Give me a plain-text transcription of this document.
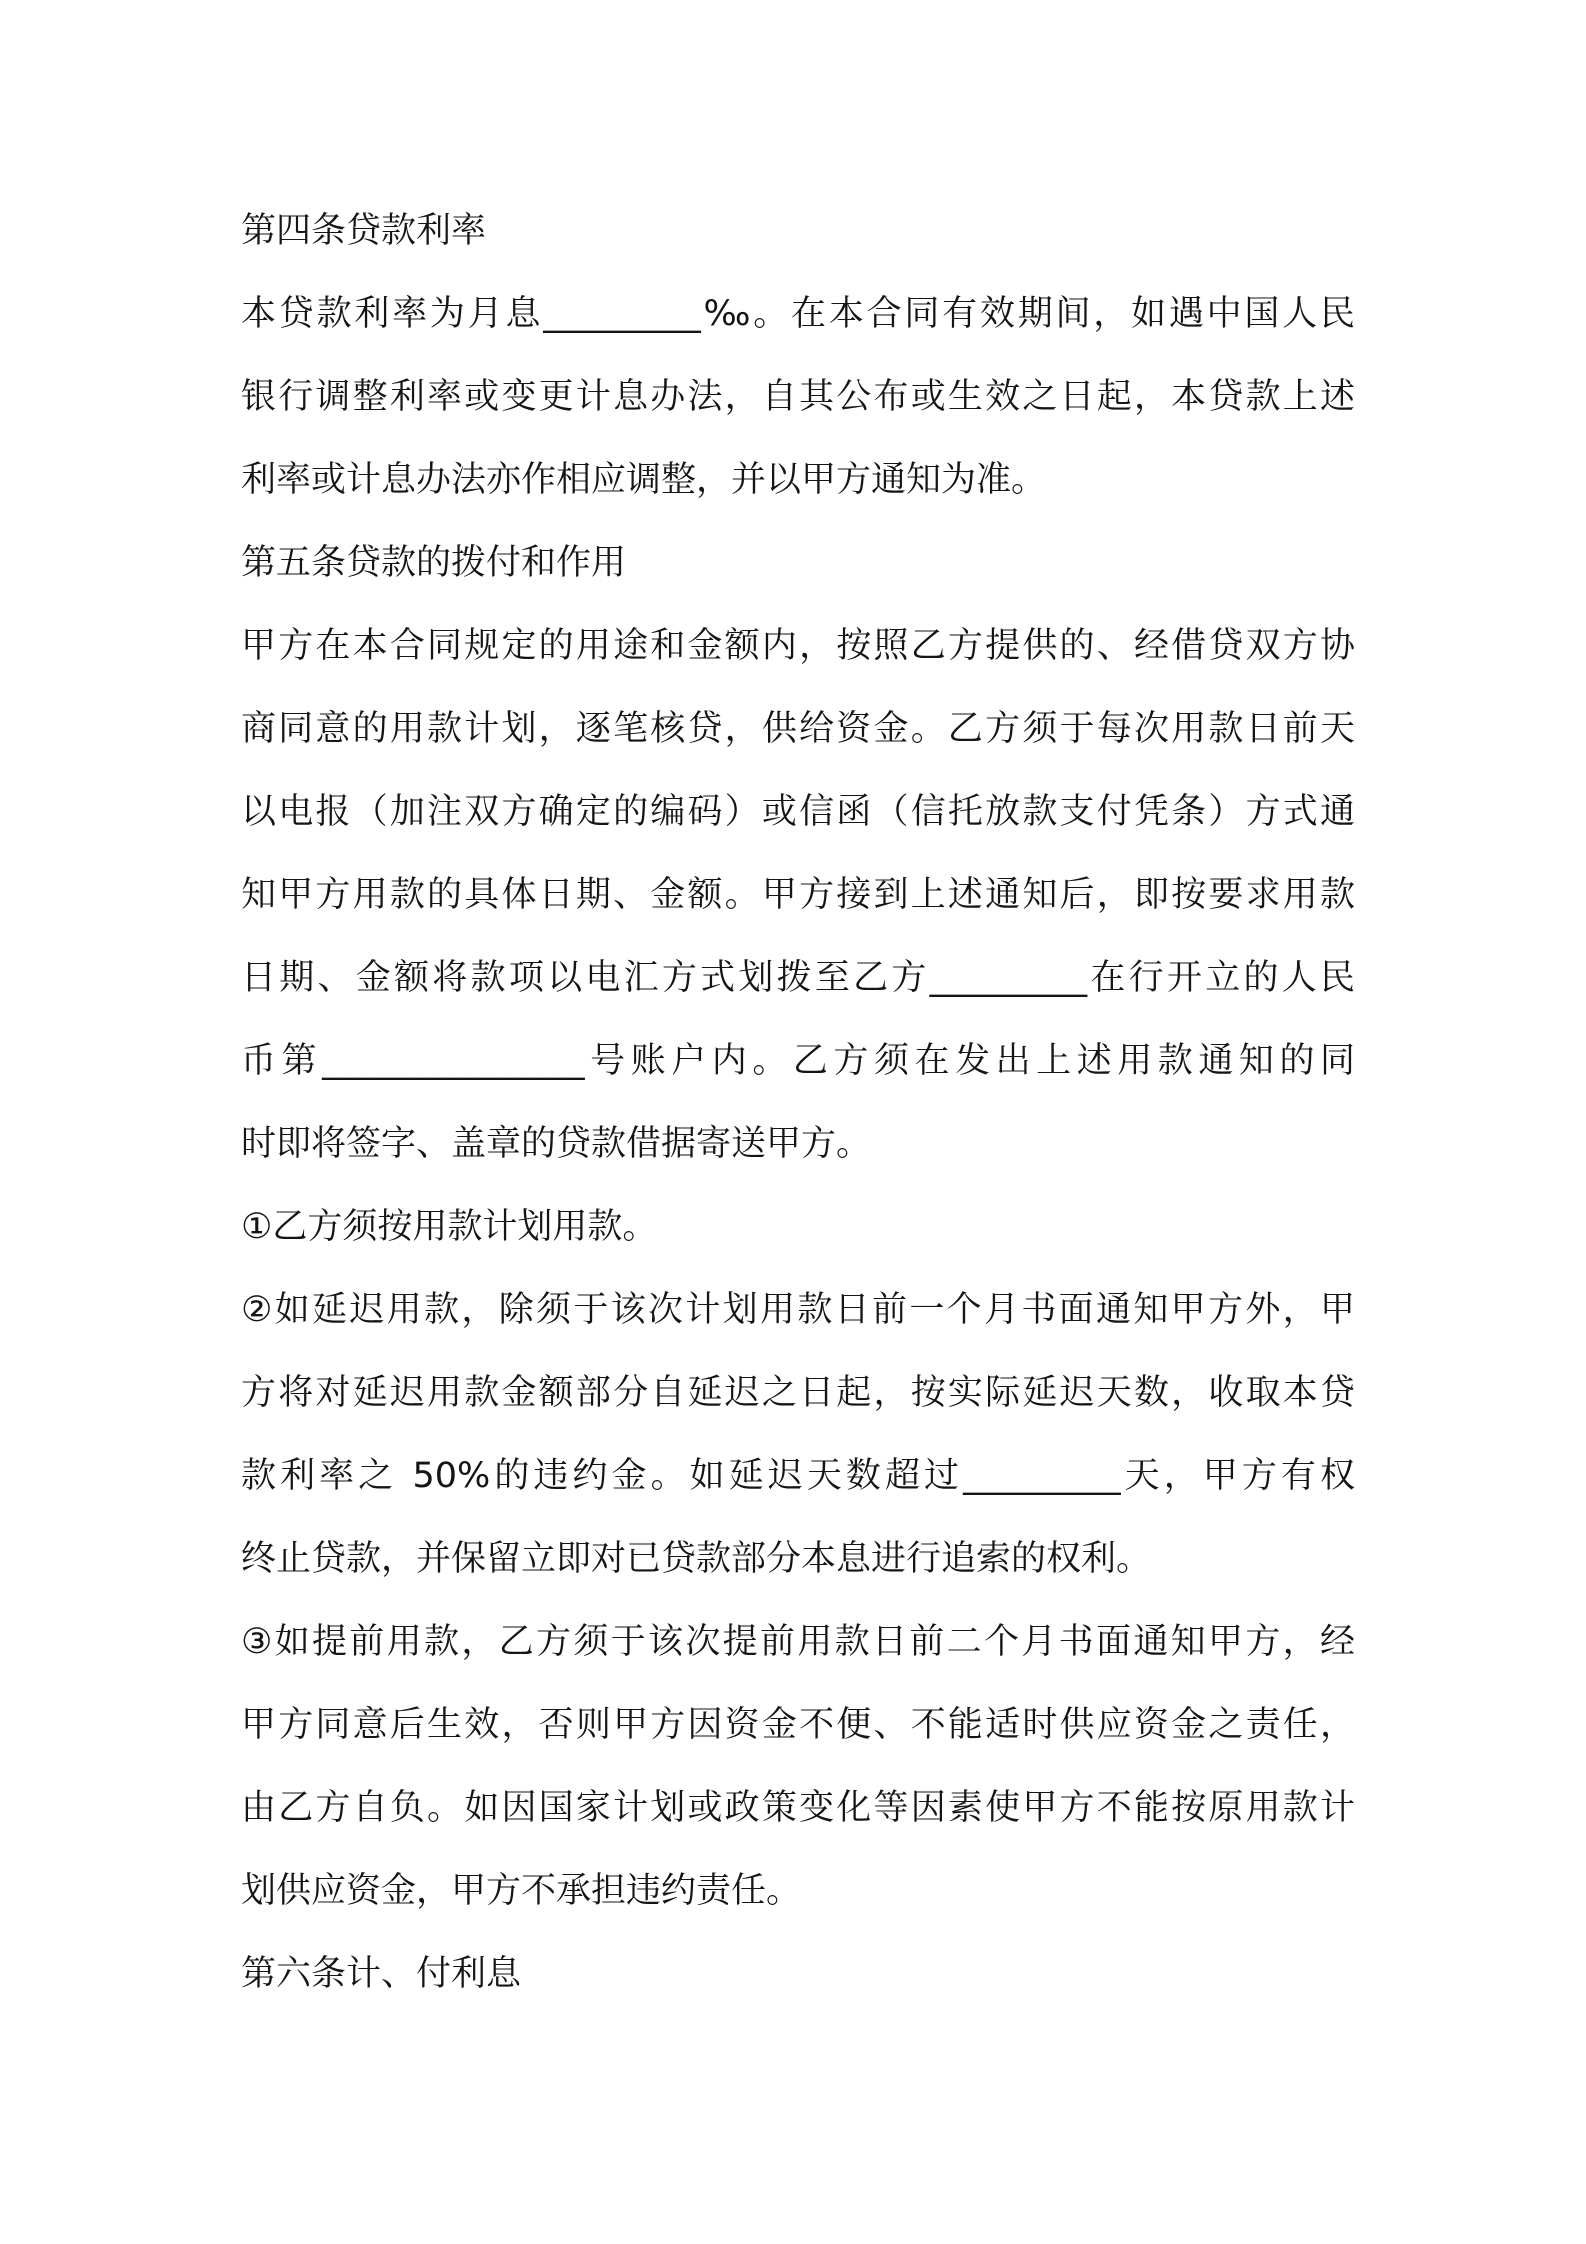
第四条贷款利率
本贷款利率为月息_________‰。在本合同有效期间，如遇中国人民
银行调整利率或变更计息办法，自其公布或生效之日起，本贷款上述
利率或计息办法亦作相应调整，并以甲方通知为准。
第五条贷款的拨付和作用
甲方在本合同规定的用途和金额内，按照乙方提供的、经借贷双方协
商同意的用款计划，逐笔核贷，供给资金。乙方须于每次用款日前天
以电报（加注双方确定的编码）或信函（信托放款支付凭条）方式通
知甲方用款的具体日期、金额。甲方接到上述通知后，即按要求用款
日期、金额将款项以电汇方式划拨至乙方_________在行开立的人民
币第_______________号账户内。乙方须在发出上述用款通知的同
时即将签字、盖章的贷款借据寄送甲方。
①乙方须按用款计划用款。
②如延迟用款，除须于该次计划用款日前一个月书面通知甲方外，甲
方将对延迟用款金额部分自延迟之日起，按实际延迟天数，收取本贷
款利率之 50%的违约金。如延迟天数超过_________天，甲方有权
终止贷款，并保留立即对已贷款部分本息进行追索的权利。
③如提前用款，乙方须于该次提前用款日前二个月书面通知甲方，经
甲方同意后生效，否则甲方因资金不便、不能适时供应资金之责任，
由乙方自负。如因国家计划或政策变化等因素使甲方不能按原用款计
划供应资金，甲方不承担违约责任。
第六条计、付利息
